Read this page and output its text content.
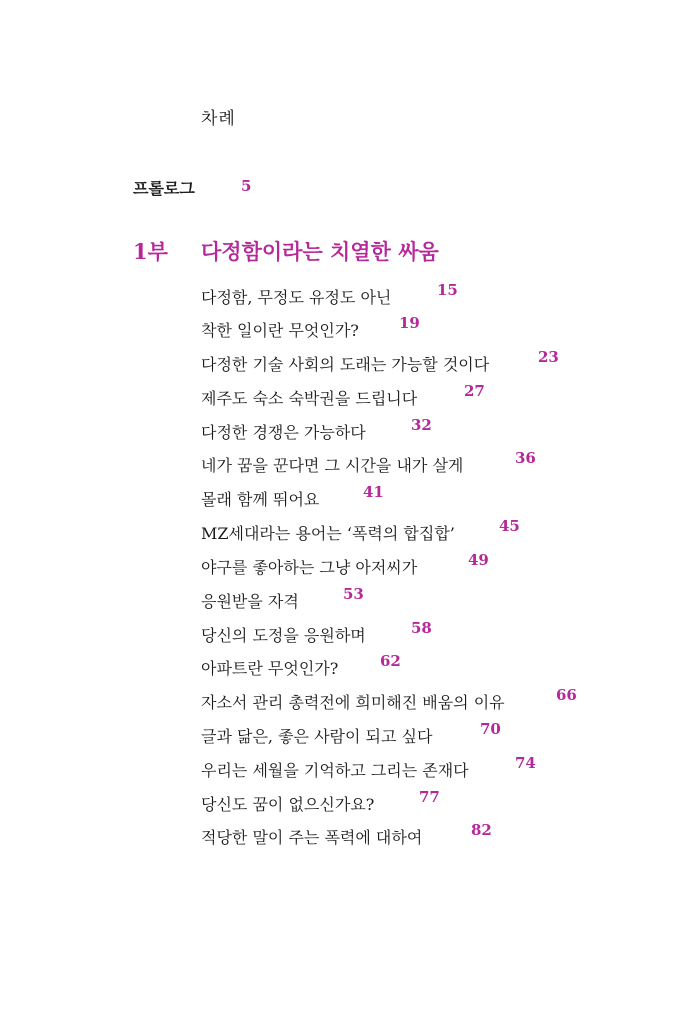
차례
프롤로그	5
1부 다정함이라는 치열한 싸움
다정함, 무정도 유정도 아닌	15
착한 일이란 무엇인가?	19
다정한 기술 사회의 도래는 가능할 것이다	23
제주도 숙소 숙박권을 드립니다	27
다정한 경쟁은 가능하다	32
네가 꿈을 꾼다면 그 시간을 내가 살게	36
몰래 함께 뛰어요	41
MZ세대라는 용어는 ‘폭력의 합집합’	45
야구를 좋아하는 그냥 아저씨가	49
응원받을 자격	53
당신의 도정을 응원하며	58
아파트란 무엇인가?	62
자소서 관리 총력전에 희미해진 배움의 이유	66
글과 닮은, 좋은 사람이 되고 싶다	70
우리는 세월을 기억하고 그리는 존재다	74
당신도 꿈이 없으신가요?	77
적당한 말이 주는 폭력에 대하여	82
